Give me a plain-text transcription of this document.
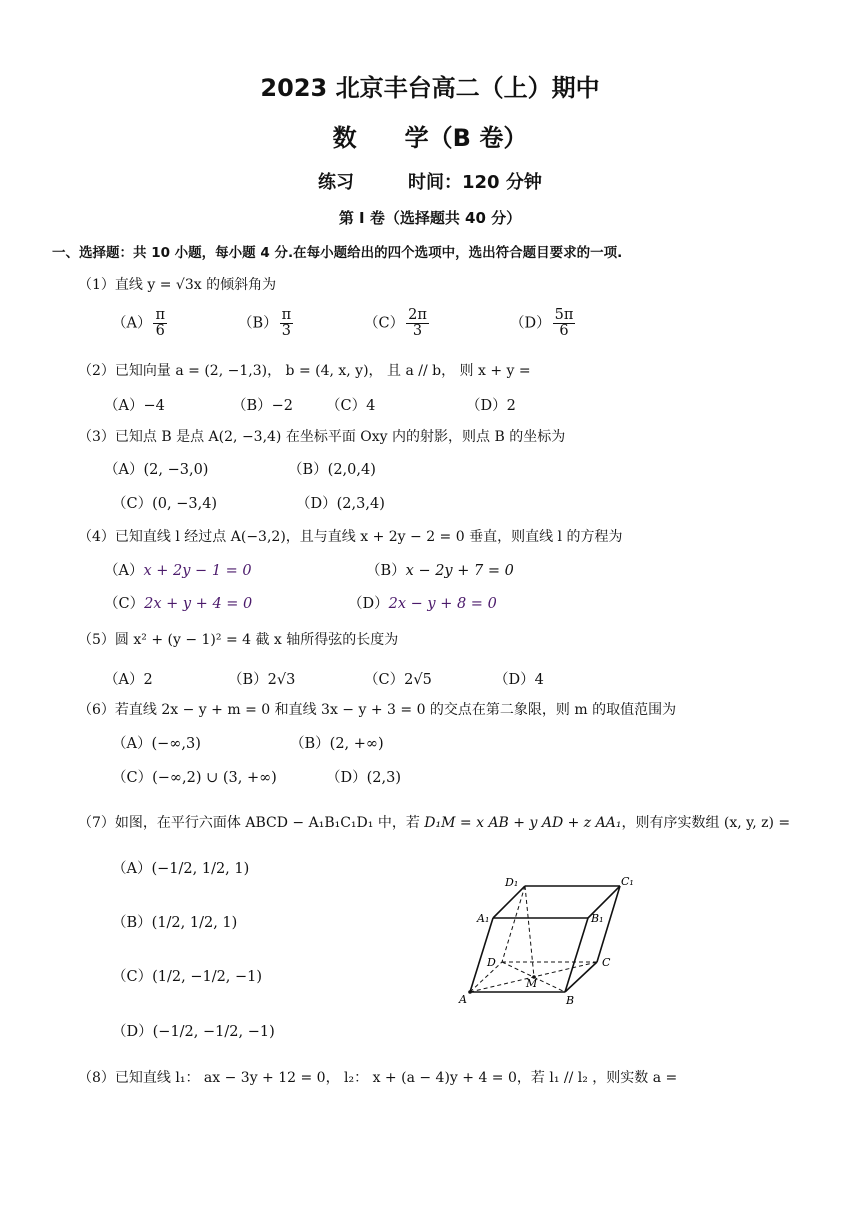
2023 北京丰台高二（上）期中
数　　学（B 卷）
练习	时间：120 分钟
第 I 卷（选择题共 40 分）
一、选择题：共 10 小题，每小题 4 分.在每小题给出的四个选项中，选出符合题目要求的一项.
（1）直线 y = √3x 的倾斜角为
$(A) \frac{\pi}{6}$	$(B) \frac{\pi}{3}$	$(C) \frac{2\pi}{3}$	$(D) \frac{5\pi}{6}$
（2）已知向量 a = (2, −1,3)， b = (4, x, y)， 且 a // b， 则 x + y =
（A）−4	（B）−2 （C）4	（D）2
（3）已知点 B 是点 A(2, −3,4) 在坐标平面 Oxy 内的射影，则点 B 的坐标为
（A）(2, −3,0)	（B）(2,0,4)
（C）(0, −3,4)	（D）(2,3,4)
（4）已知直线 l 经过点 A(−3,2)，且与直线 x + 2y − 2 = 0 垂直，则直线 l 的方程为
（A）x + 2y − 1 = 0	（B）x − 2y + 7 = 0
（C）2x + y + 4 = 0	（D）2x − y + 8 = 0
（5）圆 x² + (y − 1)² = 4 截 x 轴所得弦的长度为
（A）2	（B）2√3	（C）2√5	（D）4
（6）若直线 2x − y + m = 0 和直线 3x − y + 3 = 0 的交点在第二象限，则 m 的取值范围为
（A）(−∞,3)	（B）(2, +∞)
（C）(−∞,2) ∪ (3, +∞)	（D）(2,3)
（7）如图，在平行六面体 ABCD − A₁B₁C₁D₁ 中，若 D₁M = x AB + y AD + z AA₁，则有序实数组 (x, y, z) =
（A）(−1/2, 1/2, 1)
（B）(1/2, 1/2, 1)
（C）(1/2, −1/2, −1)
（D）(−1/2, −1/2, −1)
D₁	C₁
A₁	B₁
D	C
M
A	B
（8）已知直线 l₁： ax − 3y + 12 = 0， l₂： x + (a − 4)y + 4 = 0，若 l₁ // l₂ ，则实数 a =
